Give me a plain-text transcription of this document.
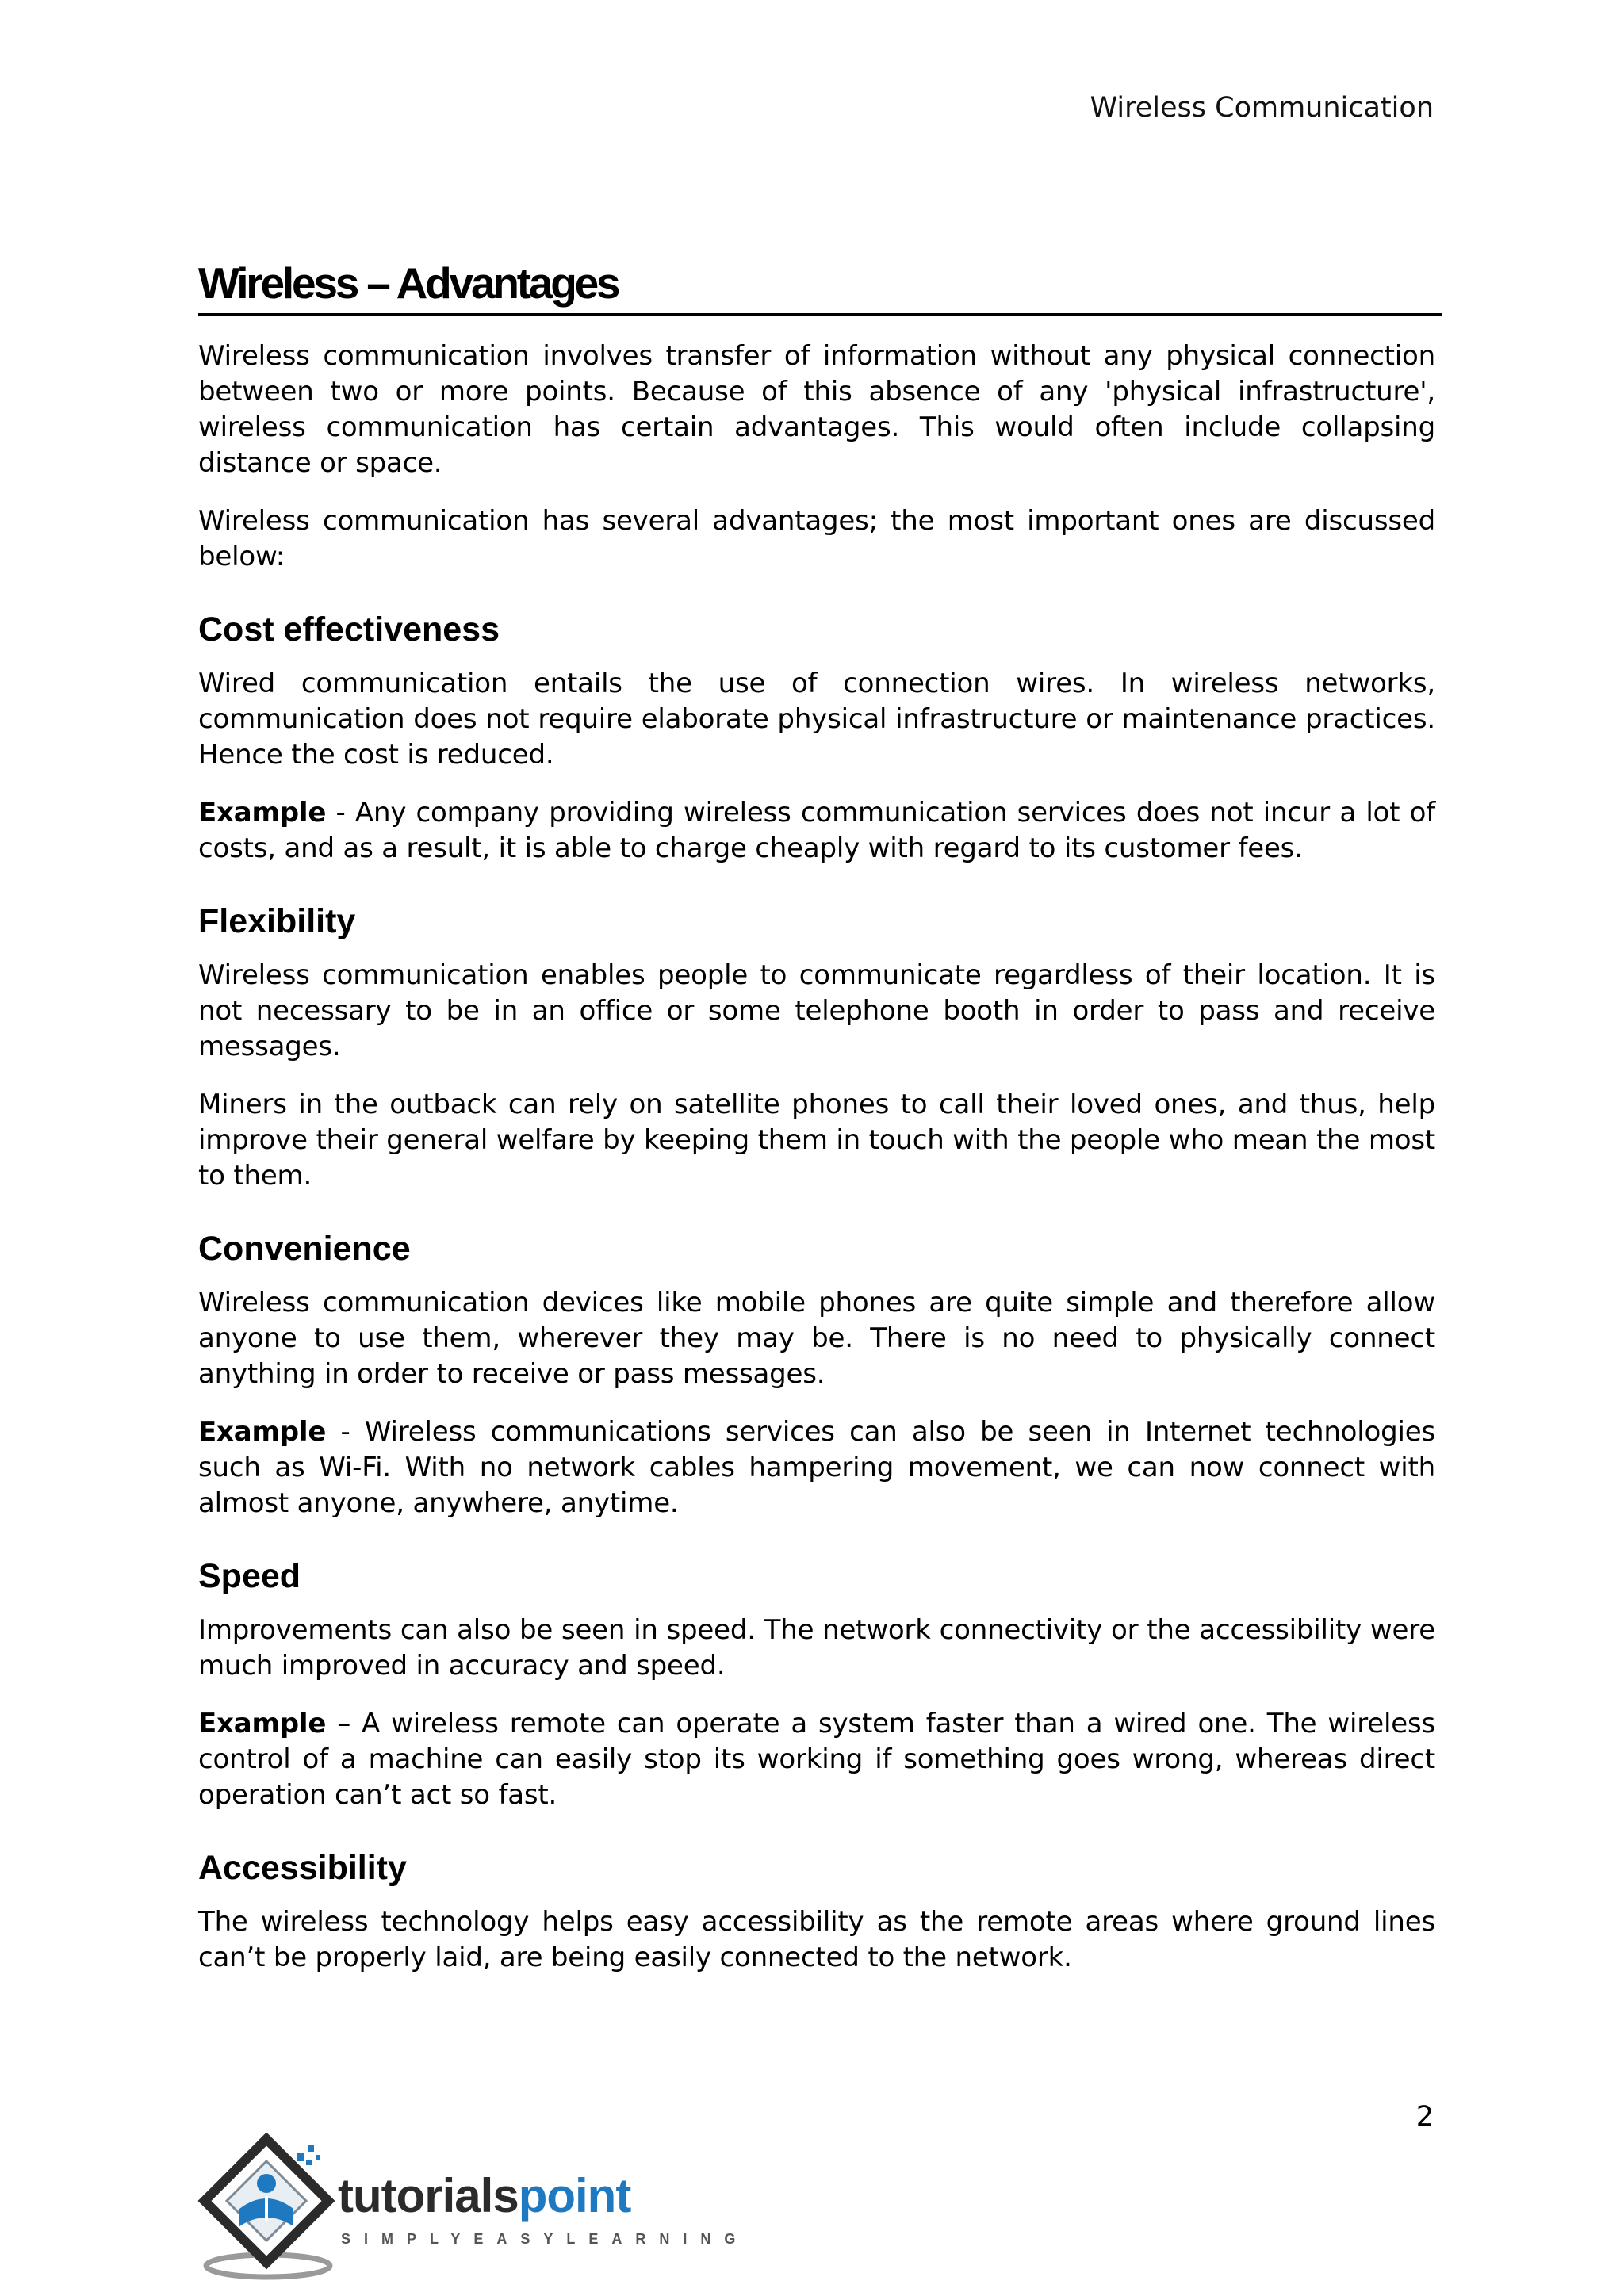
Wireless Communication
Wireless – Advantages

Wireless communication involves transfer of information without any physical connection between two or more points. Because of this absence of any 'physical infrastructure', wireless communication has certain advantages. This would often include collapsing distance or space.

Wireless communication has several advantages; the most important ones are discussed below:

Cost effectiveness

Wired communication entails the use of connection wires. In wireless networks, communication does not require elaborate physical infrastructure or maintenance practices. Hence the cost is reduced.

Example - Any company providing wireless communication services does not incur a lot of costs, and as a result, it is able to charge cheaply with regard to its customer fees.

Flexibility

Wireless communication enables people to communicate regardless of their location. It is not necessary to be in an office or some telephone booth in order to pass and receive messages.

Miners in the outback can rely on satellite phones to call their loved ones, and thus, help improve their general welfare by keeping them in touch with the people who mean the most to them.

Convenience

Wireless communication devices like mobile phones are quite simple and therefore allow anyone to use them, wherever they may be. There is no need to physically connect anything in order to receive or pass messages.

Example - Wireless communications services can also be seen in Internet technologies such as Wi-Fi. With no network cables hampering movement, we can now connect with almost anyone, anywhere, anytime.

Speed

Improvements can also be seen in speed. The network connectivity or the accessibility were much improved in accuracy and speed.

Example – A wireless remote can operate a system faster than a wired one. The wireless control of a machine can easily stop its working if something goes wrong, whereas direct operation can’t act so fast.

Accessibility

The wireless technology helps easy accessibility as the remote areas where ground lines can’t be properly laid, are being easily connected to the network.

2
tutorialspoint
SIMPLYEASYLEARNING
